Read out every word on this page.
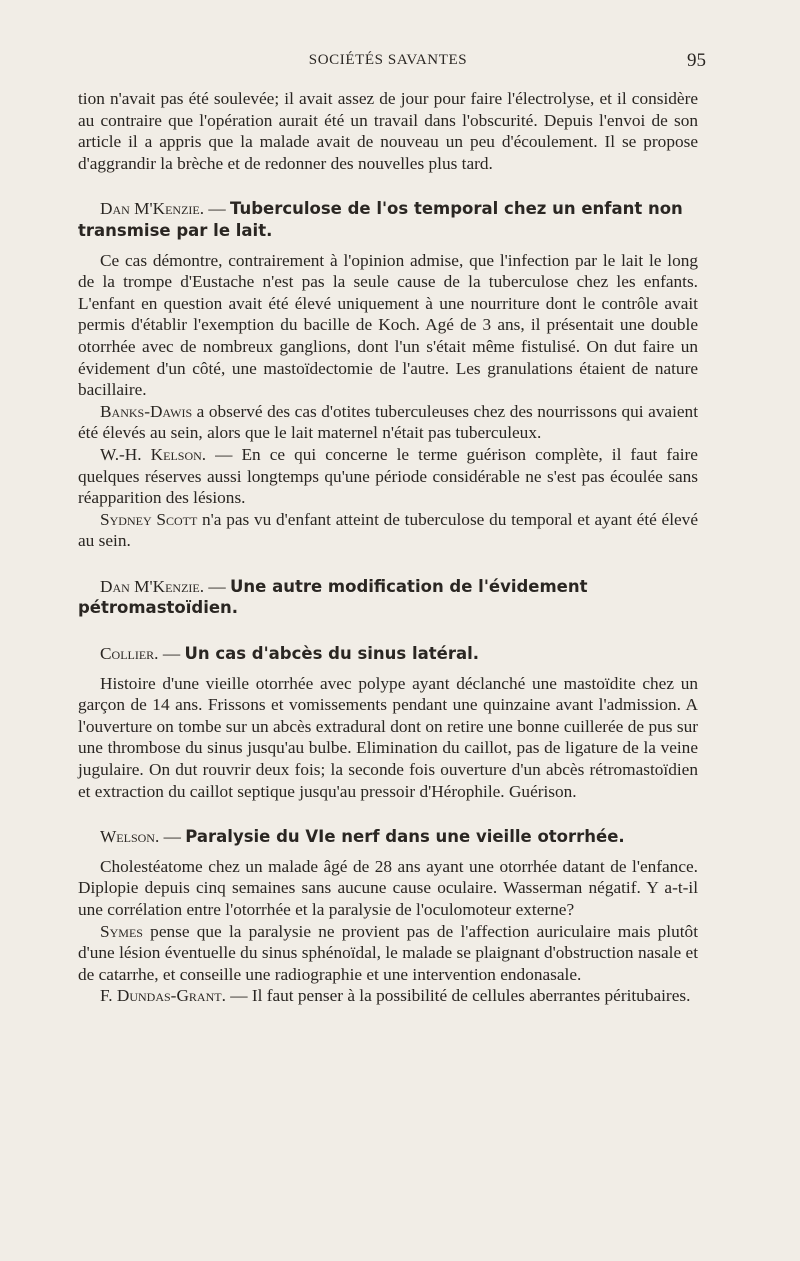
SOCIÉTÉS SAVANTES	95

tion n'avait pas été soulevée; il avait assez de jour pour faire l'électrolyse, et il considère au contraire que l'opération aurait été un travail dans l'obscurité. Depuis l'envoi de son article il a appris que la malade avait de nouveau un peu d'écoulement. Il se propose d'aggrandir la brèche et de redonner des nouvelles plus tard.

Dan M'Kenzie. — Tuberculose de l'os temporal chez un enfant non transmise par le lait.

Ce cas démontre, contrairement à l'opinion admise, que l'infection par le lait le long de la trompe d'Eustache n'est pas la seule cause de la tuberculose chez les enfants. L'enfant en question avait été élevé uniquement à une nourriture dont le contrôle avait permis d'établir l'exemption du bacille de Koch. Agé de 3 ans, il présentait une double otorrhée avec de nombreux ganglions, dont l'un s'était même fistulisé. On dut faire un évidement d'un côté, une mastoïdectomie de l'autre. Les granulations étaient de nature bacillaire.

Banks-Dawis a observé des cas d'otites tuberculeuses chez des nourrissons qui avaient été élevés au sein, alors que le lait maternel n'était pas tuberculeux.

W.-H. Kelson. — En ce qui concerne le terme guérison complète, il faut faire quelques réserves aussi longtemps qu'une période considérable ne s'est pas écoulée sans réapparition des lésions.

Sydney Scott n'a pas vu d'enfant atteint de tuberculose du temporal et ayant été élevé au sein.

Dan M'Kenzie. — Une autre modification de l'évidement pétromastoïdien.

Collier. — Un cas d'abcès du sinus latéral.

Histoire d'une vieille otorrhée avec polype ayant déclanché une mastoïdite chez un garçon de 14 ans. Frissons et vomissements pendant une quinzaine avant l'admission. A l'ouverture on tombe sur un abcès extradural dont on retire une bonne cuillerée de pus sur une thrombose du sinus jusqu'au bulbe. Elimination du caillot, pas de ligature de la veine jugulaire. On dut rouvrir deux fois; la seconde fois ouverture d'un abcès rétromastoïdien et extraction du caillot septique jusqu'au pressoir d'Hérophile. Guérison.

Welson. — Paralysie du VIe nerf dans une vieille otorrhée.

Cholestéatome chez un malade âgé de 28 ans ayant une otorrhée datant de l'enfance. Diplopie depuis cinq semaines sans aucune cause oculaire. Wasserman négatif. Y a-t-il une corrélation entre l'otorrhée et la paralysie de l'oculomoteur externe?

Symes pense que la paralysie ne provient pas de l'affection auriculaire mais plutôt d'une lésion éventuelle du sinus sphénoïdal, le malade se plaignant d'obstruction nasale et de catarrhe, et conseille une radiographie et une intervention endonasale.

F. Dundas-Grant. — Il faut penser à la possibilité de cellules aberrantes péritubaires.
